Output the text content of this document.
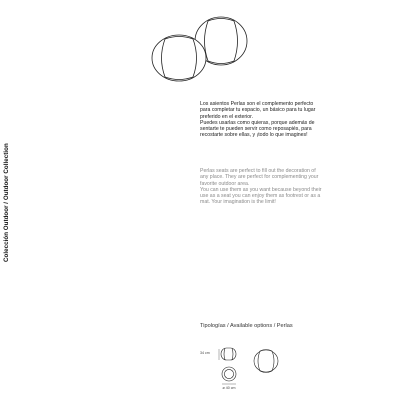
Colección Outdoor / Outdoor Collection

Los asientos Perlas son el complemento perfecto
para completar tu espacio, un básico para tu lugar
preferido en el exterior.
Puedes usarlas como quieras, porque además de
sentarte te pueden servir como reposapiés, para
recostarte sobre ellas, y ¡todo lo que imagines!

Perlas seats are perfect to fill out the decoration of
any place. They are perfect for complementing your
favorite outdoor area.
You can use them as you want because beyond their
use as a seat you can enjoy them as footrest or as a
mat. Your imagination is the limit!

Tipologías / Available options / Perlas
34 cm
ø 40 cm
